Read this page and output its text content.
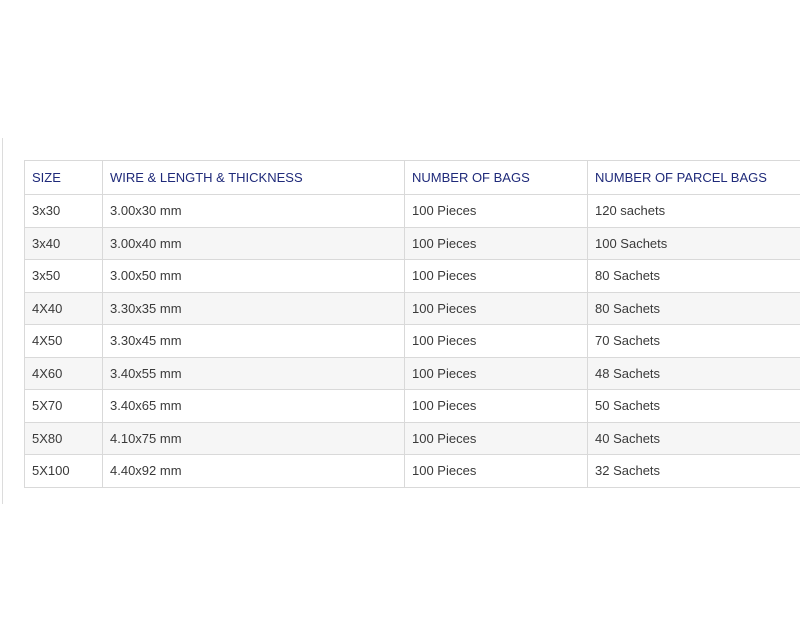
SIZE	WIRE & LENGTH & THICKNESS	NUMBER OF BAGS	NUMBER OF PARCEL BAGS
3x30	3.00x30 mm	100 Pieces	120 sachets
3x40	3.00x40 mm	100 Pieces	100 Sachets
3x50	3.00x50 mm	100 Pieces	80 Sachets
4X40	3.30x35 mm	100 Pieces	80 Sachets
4X50	3.30x45 mm	100 Pieces	70 Sachets
4X60	3.40x55 mm	100 Pieces	48 Sachets
5X70	3.40x65 mm	100 Pieces	50 Sachets
5X80	4.10x75 mm	100 Pieces	40 Sachets
5X100	4.40x92 mm	100 Pieces	32 Sachets
